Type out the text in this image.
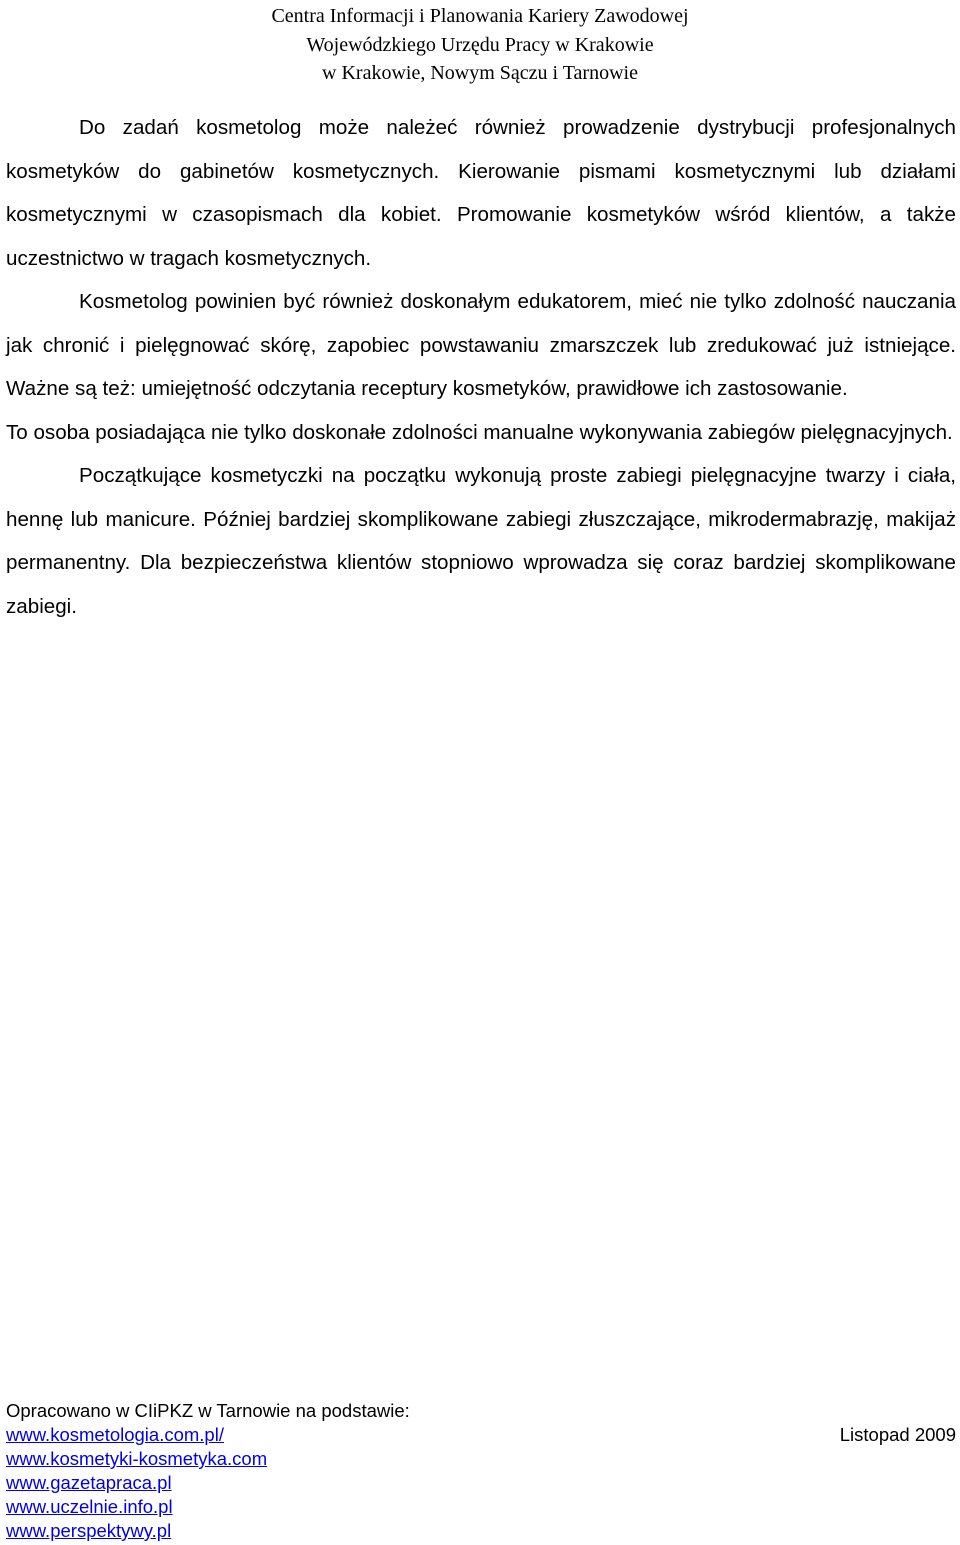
Centra Informacji i Planowania Kariery Zawodowej
Wojewódzkiego Urzędu Pracy w Krakowie
w Krakowie, Nowym Sączu i Tarnowie

Do zadań kosmetolog może należeć również prowadzenie dystrybucji profesjonalnych kosmetyków do gabinetów kosmetycznych. Kierowanie pismami kosmetycznymi lub działami kosmetycznymi w czasopismach dla kobiet. Promowanie kosmetyków wśród klientów, a także uczestnictwo w tragach kosmetycznych.

Kosmetolog powinien być również doskonałym edukatorem, mieć nie tylko zdolność nauczania jak chronić i pielęgnować skórę, zapobiec powstawaniu zmarszczek lub zredukować już istniejące. Ważne są też: umiejętność odczytania receptury kosmetyków, prawidłowe ich zastosowanie.

To osoba posiadająca nie tylko doskonałe zdolności manualne wykonywania zabiegów pielęgnacyjnych.

Początkujące kosmetyczki na początku wykonują proste zabiegi pielęgnacyjne twarzy i ciała, hennę lub manicure. Później bardziej skomplikowane zabiegi złuszczające, mikrodermabrazję, makijaż permanentny. Dla bezpieczeństwa klientów stopniowo wprowadza się coraz bardziej skomplikowane zabiegi.

Opracowano w CIiPKZ w Tarnowie na podstawie:
www.kosmetologia.com.pl/	Listopad 2009
www.kosmetyki-kosmetyka.com
www.gazetapraca.pl
www.uczelnie.info.pl
www.perspektywy.pl
